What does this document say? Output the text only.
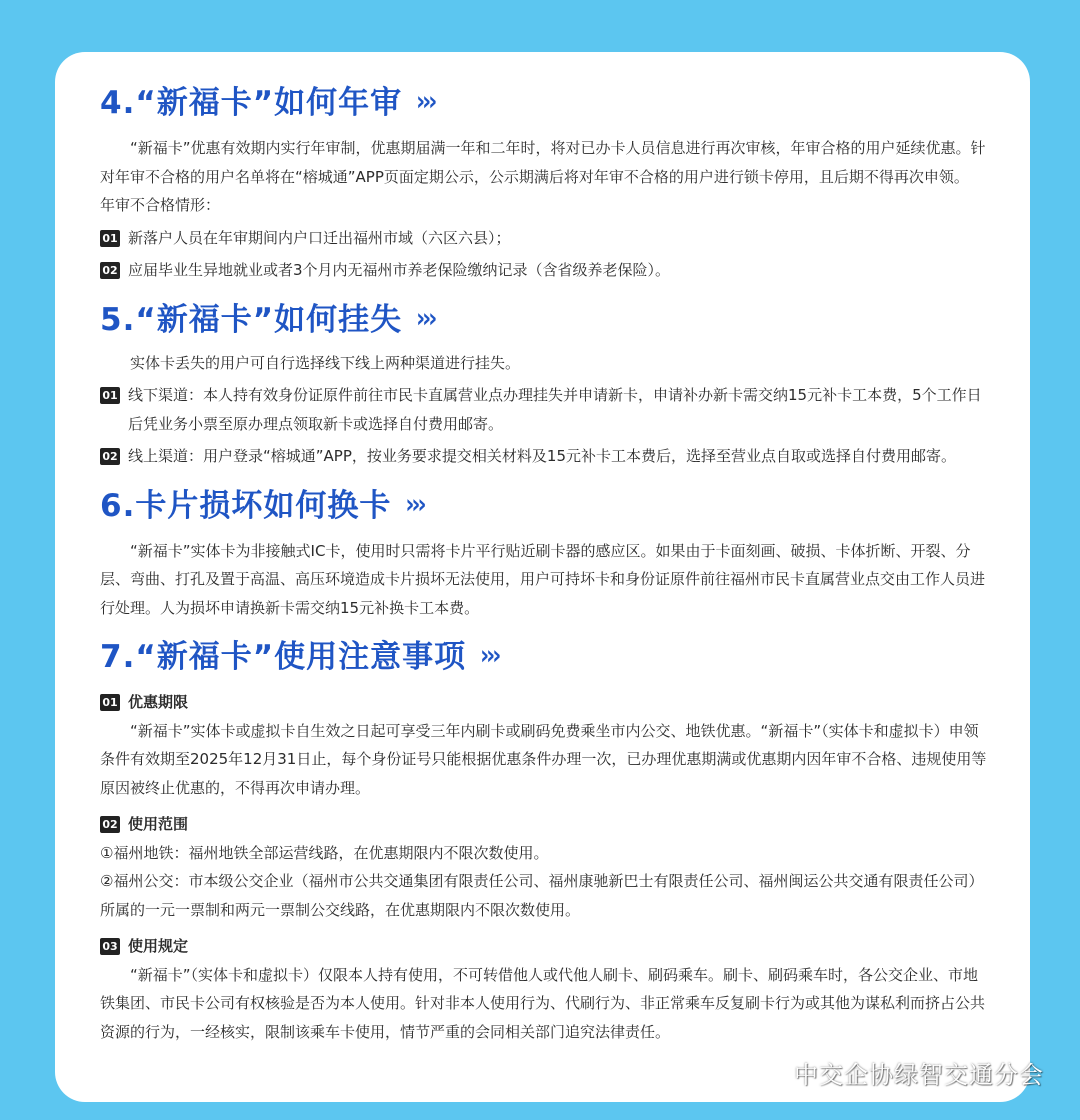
4.“新福卡”如何年审 ›››

“新福卡”优惠有效期内实行年审制，优惠期届满一年和二年时，将对已办卡人员信息进行再次审核，年审合格的用户延续优惠。针对年审不合格的用户名单将在“榕城通”APP页面定期公示，公示期满后将对年审不合格的用户进行锁卡停用，且后期不得再次申领。

年审不合格情形：

01 新落户人员在年审期间内户口迁出福州市域（六区六县）；
02 应届毕业生异地就业或者3个月内无福州市养老保险缴纳记录（含省级养老保险）。
5.“新福卡”如何挂失 ›››

实体卡丢失的用户可自行选择线下线上两种渠道进行挂失。

01 线下渠道：本人持有效身份证原件前往市民卡直属营业点办理挂失并申请新卡，申请补办新卡需交纳15元补卡工本费，5个工作日后凭业务小票至原办理点领取新卡或选择自付费用邮寄。
02 线上渠道：用户登录“榕城通”APP，按业务要求提交相关材料及15元补卡工本费后，选择至营业点自取或选择自付费用邮寄。
6.卡片损坏如何换卡 ›››

“新福卡”实体卡为非接触式IC卡，使用时只需将卡片平行贴近刷卡器的感应区。如果由于卡面刻画、破损、卡体折断、开裂、分层、弯曲、打孔及置于高温、高压环境造成卡片损坏无法使用，用户可持坏卡和身份证原件前往福州市民卡直属营业点交由工作人员进行处理。人为损坏申请换新卡需交纳15元补换卡工本费。

7.“新福卡”使用注意事项 ›››
01 优惠期限

“新福卡”实体卡或虚拟卡自生效之日起可享受三年内刷卡或刷码免费乘坐市内公交、地铁优惠。“新福卡”（实体卡和虚拟卡）申领条件有效期至2025年12月31日止，每个身份证号只能根据优惠条件办理一次，已办理优惠期满或优惠期内因年审不合格、违规使用等原因被终止优惠的，不得再次申请办理。

02 使用范围

①福州地铁：福州地铁全部运营线路，在优惠期限内不限次数使用。

②福州公交：市本级公交企业（福州市公共交通集团有限责任公司、福州康驰新巴士有限责任公司、福州闽运公共交通有限责任公司）所属的一元一票制和两元一票制公交线路，在优惠期限内不限次数使用。

03 使用规定

“新福卡”（实体卡和虚拟卡）仅限本人持有使用，不可转借他人或代他人刷卡、刷码乘车。刷卡、刷码乘车时，各公交企业、市地铁集团、市民卡公司有权核验是否为本人使用。针对非本人使用行为、代刷行为、非正常乘车反复刷卡行为或其他为谋私利而挤占公共资源的行为，一经核实，限制该乘车卡使用，情节严重的会同相关部门追究法律责任。

中交企协绿智交通分会
